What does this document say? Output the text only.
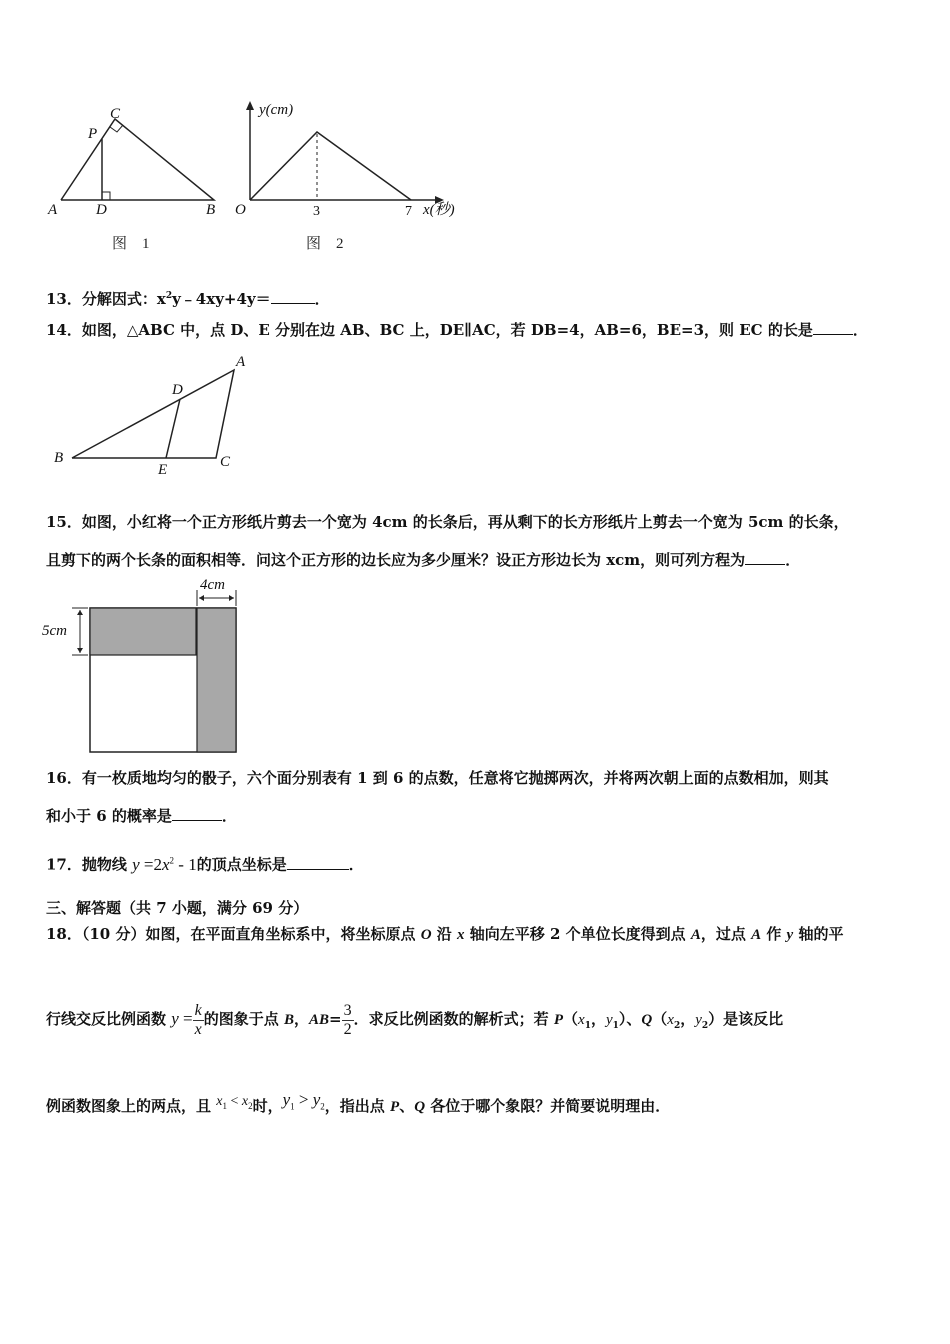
A	D	B
C
P
图　1
y(cm)
x(秒)
O	3	7
图　2
13．分解因式：$x^2y﹣4xy+4y=$	．
14．如图，△ABC 中，点 D、E 分别在边 AB、BC 上，DE∥AC，若 DB=4，AB=6，BE=3，则 EC 的长是	．
A
B	C
D
E
15．如图，小红将一个正方形纸片剪去一个宽为 4cm 的长条后，再从剩下的长方形纸片上剪去一个宽为 5cm 的长条，
且剪下的两个长条的面积相等．问这个正方形的边长应为多少厘米？设正方形边长为 xcm，则可列方程为	．
4cm
5cm
16．有一枚质地均匀的骰子，六个面分别表有 1 到 6 的点数，任意将它抛掷两次，并将两次朝上面的点数相加，则其
和小于 6 的概率是	．
17．抛物线 $y =2x^2 - 1$的顶点坐标是	．
三、解答题（共 7 小题，满分 69 分）
18．（10 分）如图，在平面直角坐标系中，将坐标原点 O 沿 x 轴向左平移 2 个单位长度得到点 A，过点 A 作 y 轴的平
行线交反比例函数 $y = \frac{k}{x}$ 的图象于点 B，$AB= \frac{3}{2}$ ．求反比例函数的解析式；若 $P(x_1$，$y_1$）、$Q(x_2$，$y_2$）是该反比
例函数图象上的两点，且 $x_1 < x_2$时，$y_1 > y_2$，指出点 P、Q 各位于哪个象限？并简要说明理由．
